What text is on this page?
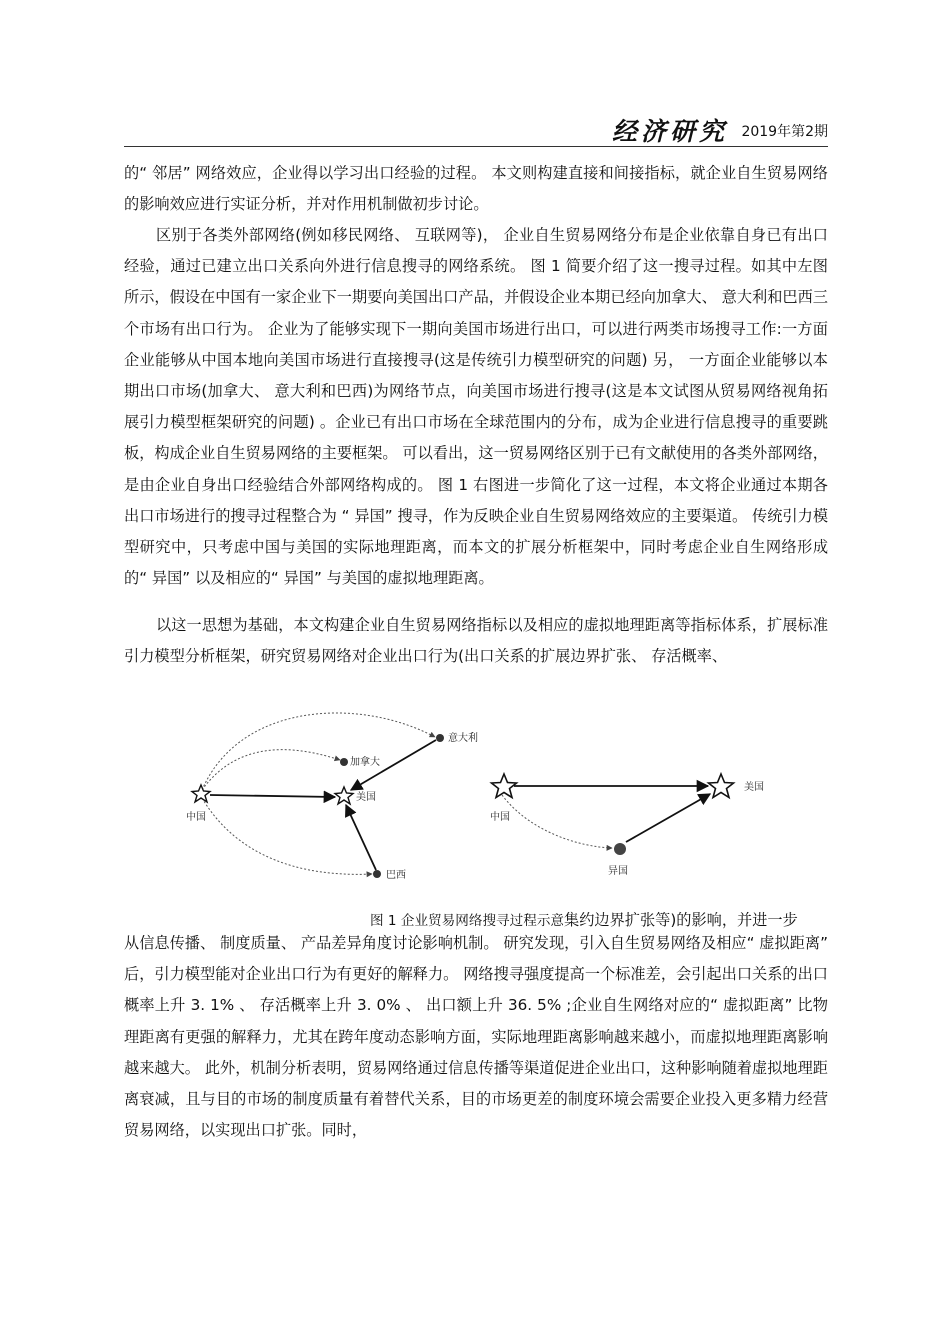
经济研究 2019年第2期

的“ 邻居” 网络效应，企业得以学习出口经验的过程。 本文则构建直接和间接指标，就企业自生贸易网络的影响效应进行实证分析，并对作用机制做初步讨论。

区别于各类外部网络(例如移民网络、 互联网等)， 企业自生贸易网络分布是企业依靠自身已有出口经验，通过已建立出口关系向外进行信息搜寻的网络系统。 图 1 简要介绍了这一搜寻过程。如其中左图所示，假设在中国有一家企业下一期要向美国出口产品，并假设企业本期已经向加拿大、 意大利和巴西三个市场有出口行为。 企业为了能够实现下一期向美国市场进行出口，可以进行两类市场搜寻工作:一方面企业能够从中国本地向美国市场进行直接搜寻(这是传统引力模型研究的问题) 另， 一方面企业能够以本期出口市场(加拿大、 意大利和巴西)为网络节点，向美国市场进行搜寻(这是本文试图从贸易网络视角拓展引力模型框架研究的问题) 。企业已有出口市场在全球范围内的分布，成为企业进行信息搜寻的重要跳板，构成企业自生贸易网络的主要框架。 可以看出，这一贸易网络区别于已有文献使用的各类外部网络，是由企业自身出口经验结合外部网络构成的。 图 1 右图进一步简化了这一过程，本文将企业通过本期各出口市场进行的搜寻过程整合为 “ 异国” 搜寻，作为反映企业自生贸易网络效应的主要渠道。 传统引力模型研究中，只考虑中国与美国的实际地理距离，而本文的扩展分析框架中，同时考虑企业自生网络形成的“ 异国” 以及相应的“ 异国” 与美国的虚拟地理距离。

以这一思想为基础，本文构建企业自生贸易网络指标以及相应的虚拟地理距离等指标体系，扩展标准引力模型分析框架，研究贸易网络对企业出口行为(出口关系的扩展边界扩张、 存活概率、

中国
美国
加拿大
意大利
巴西
中国
美国
异国
图 1 企业贸易网络搜寻过程示意集约边界扩张等)的影响，并进一步

从信息传播、 制度质量、 产品差异角度讨论影响机制。 研究发现，引入自生贸易网络及相应“ 虚拟距离” 后，引力模型能对企业出口行为有更好的解释力。 网络搜寻强度提高一个标准差，会引起出口关系的出口概率上升 3. 1% 、 存活概率上升 3. 0% 、 出口额上升 36. 5% ;企业自生网络对应的“ 虚拟距离” 比物理距离有更强的解释力，尤其在跨年度动态影响方面，实际地理距离影响越来越小，而虚拟地理距离影响越来越大。 此外，机制分析表明，贸易网络通过信息传播等渠道促进企业出口，这种影响随着虚拟地理距离衰减，且与目的市场的制度质量有着替代关系，目的市场更差的制度环境会需要企业投入更多精力经营贸易网络，以实现出口扩张。同时，
